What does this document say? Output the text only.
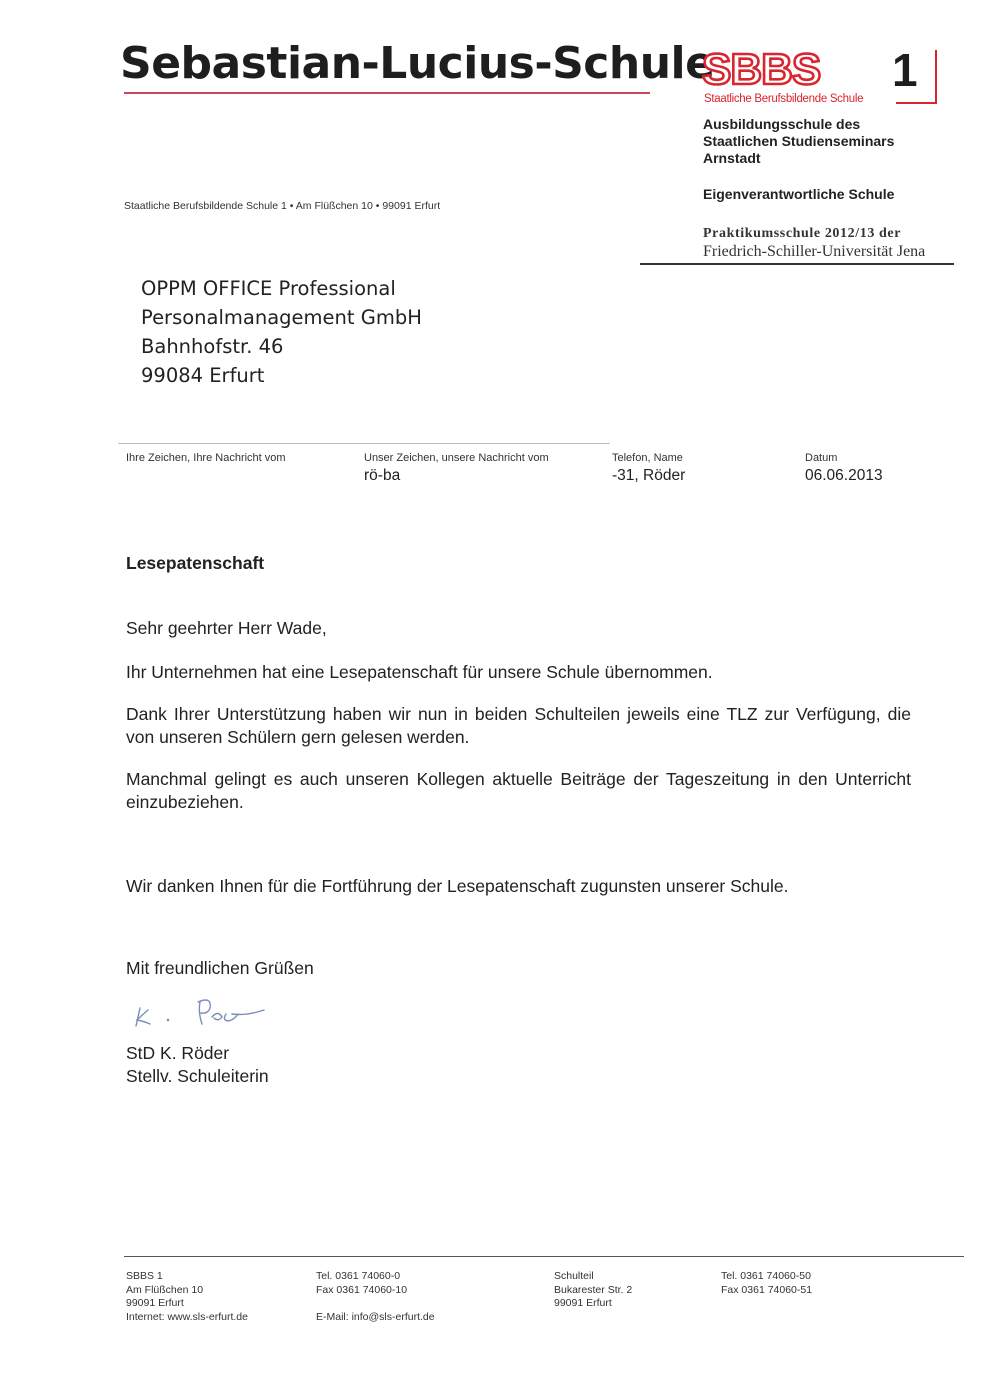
Sebastian-Lucius-Schule
SBBS 1
Staatliche Berufsbildende Schule
Ausbildungsschule des
Staatlichen Studienseminars
Arnstadt
Eigenverantwortliche Schule
Praktikumsschule 2012/13 der
Friedrich-Schiller-Universität Jena
Staatliche Berufsbildende Schule 1 • Am Flüßchen 10 • 99091 Erfurt
OPPM OFFICE Professional
Personalmanagement GmbH
Bahnhofstr. 46
99084 Erfurt
Ihre Zeichen, Ihre Nachricht vom	Unser Zeichen, unsere Nachricht vom
rö-ba
Telefon, Name
-31, Röder
Datum
06.06.2013
Lesepatenschaft
Sehr geehrter Herr Wade,
Ihr Unternehmen hat eine Lesepatenschaft für unsere Schule übernommen.
Dank Ihrer Unterstützung haben wir nun in beiden Schulteilen jeweils eine TLZ zur Verfügung, die von unseren Schülern gern gelesen werden.
Manchmal gelingt es auch unseren Kollegen aktuelle Beiträge der Tageszeitung in den Unterricht einzubeziehen.
Wir danken Ihnen für die Fortführung der Lesepatenschaft zugunsten unserer Schule.
Mit freundlichen Grüßen
StD K. Röder
Stellv. Schuleiterin
SBBS 1
Am Flüßchen 10
99091 Erfurt
Internet: www.sls-erfurt.de
Tel. 0361 74060-0
Fax 0361 74060-10
E-Mail: info@sls-erfurt.de
Schulteil
Bukarester Str. 2
99091 Erfurt
Tel. 0361 74060-50
Fax 0361 74060-51
